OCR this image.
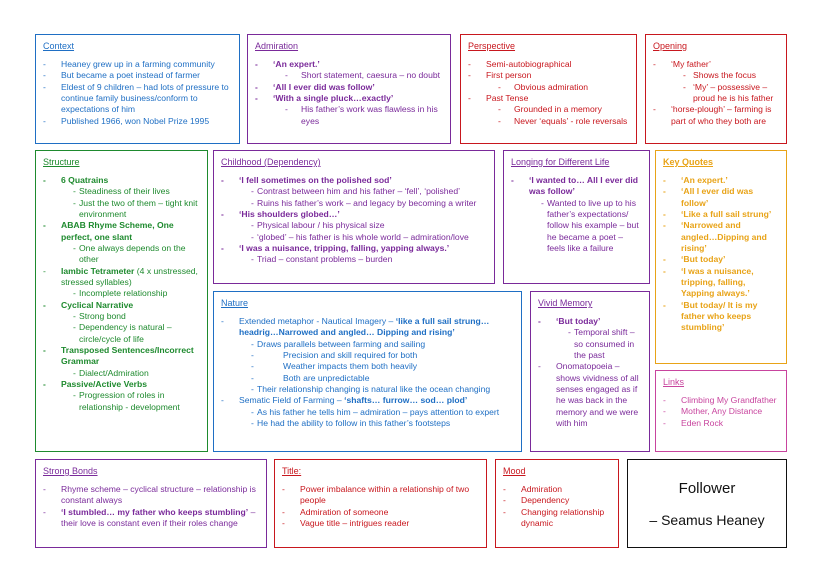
Context
- Heaney grew up in a farming community
- But became a poet instead of farmer
- Eldest of 9 children – had lots of pressure to continue family business/conform to expectations of him
- Published 1966, won Nobel Prize 1995
Admiration
- ‘An expert.’
- Short statement, caesura – no doubt
- ‘All I ever did was follow’
- ‘With a single pluck…exactly’
- His father’s work was flawless in his eyes
Perspective
- Semi-autobiographical
- First person
- Obvious admiration
- Past Tense
- Grounded in a memory
- Never ‘equals’ - role reversals
Opening
- ‘My father’
- Shows the focus
- ‘My’ – possessive – proud he is his father
- ‘horse-plough’ – farming is part of who they both are
Structure
- 6 Quatrains
- Steadiness of their lives
- Just the two of them – tight knit environment
- ABAB Rhyme Scheme, One perfect, one slant
- One always depends on the other
- Iambic Tetrameter (4 x unstressed, stressed syllables)
- Incomplete relationship
- Cyclical Narrative
- Strong bond
- Dependency is natural – circle/cycle of life
- Transposed Sentences/Incorrect Grammar
- Dialect/Admiration
- Passive/Active Verbs
- Progression of roles in relationship - development
Childhood (Dependency)
- ‘I fell sometimes on the polished sod’
- Contrast between him and his father – ‘fell’, ‘polished’
- Ruins his father’s work – and legacy by becoming a writer
- ‘His shoulders globed…’
- Physical labour / his physical size
- ‘globed’ – his father is his whole world – admiration/love
- ‘I was a nuisance, tripping, falling, yapping always.’
- Triad – constant problems – burden
Longing for Different Life
- ‘I wanted to… All I ever did was follow’
- Wanted to live up to his father’s expectations/ follow his example – but he became a poet – feels like a failure
Key Quotes
- ‘An expert.’
- ‘All I ever did was follow’
- ‘Like a full sail strung’
- ‘Narrowed and angled…Dipping and rising’
- ‘But today’
- ‘I was a nuisance, tripping, falling, Yapping always.’
- ‘But today/ It is my father who keeps stumbling’
Nature
- Extended metaphor - Nautical Imagery – ‘like a full sail strung… headrig…Narrowed and angled… Dipping and rising’
- Draws parallels between farming and sailing
- Precision and skill required for both
- Weather impacts them both heavily
- Both are unpredictable
- Their relationship changing is natural like the ocean changing
- Sematic Field of Farming – ‘shafts… furrow… sod… plod’
- As his father he tells him – admiration – pays attention to expert
- He had the ability to follow in this father’s footsteps
Vivid Memory
- ‘But today’
- Temporal shift – so consumed in the past
- Onomatopoeia – shows vividness of all senses engaged as if he was back in the memory and we were with him
Links
- Climbing My Grandfather
- Mother, Any Distance
- Eden Rock
Strong Bonds
- Rhyme scheme – cyclical structure – relationship is constant always
- ‘I stumbled… my father who keeps stumbling’ – their love is constant even if their roles change
Title:
- Power imbalance within a relationship of two people
- Admiration of someone
- Vague title – intrigues reader
Mood
- Admiration
- Dependency
- Changing relationship dynamic
Follower
– Seamus Heaney
